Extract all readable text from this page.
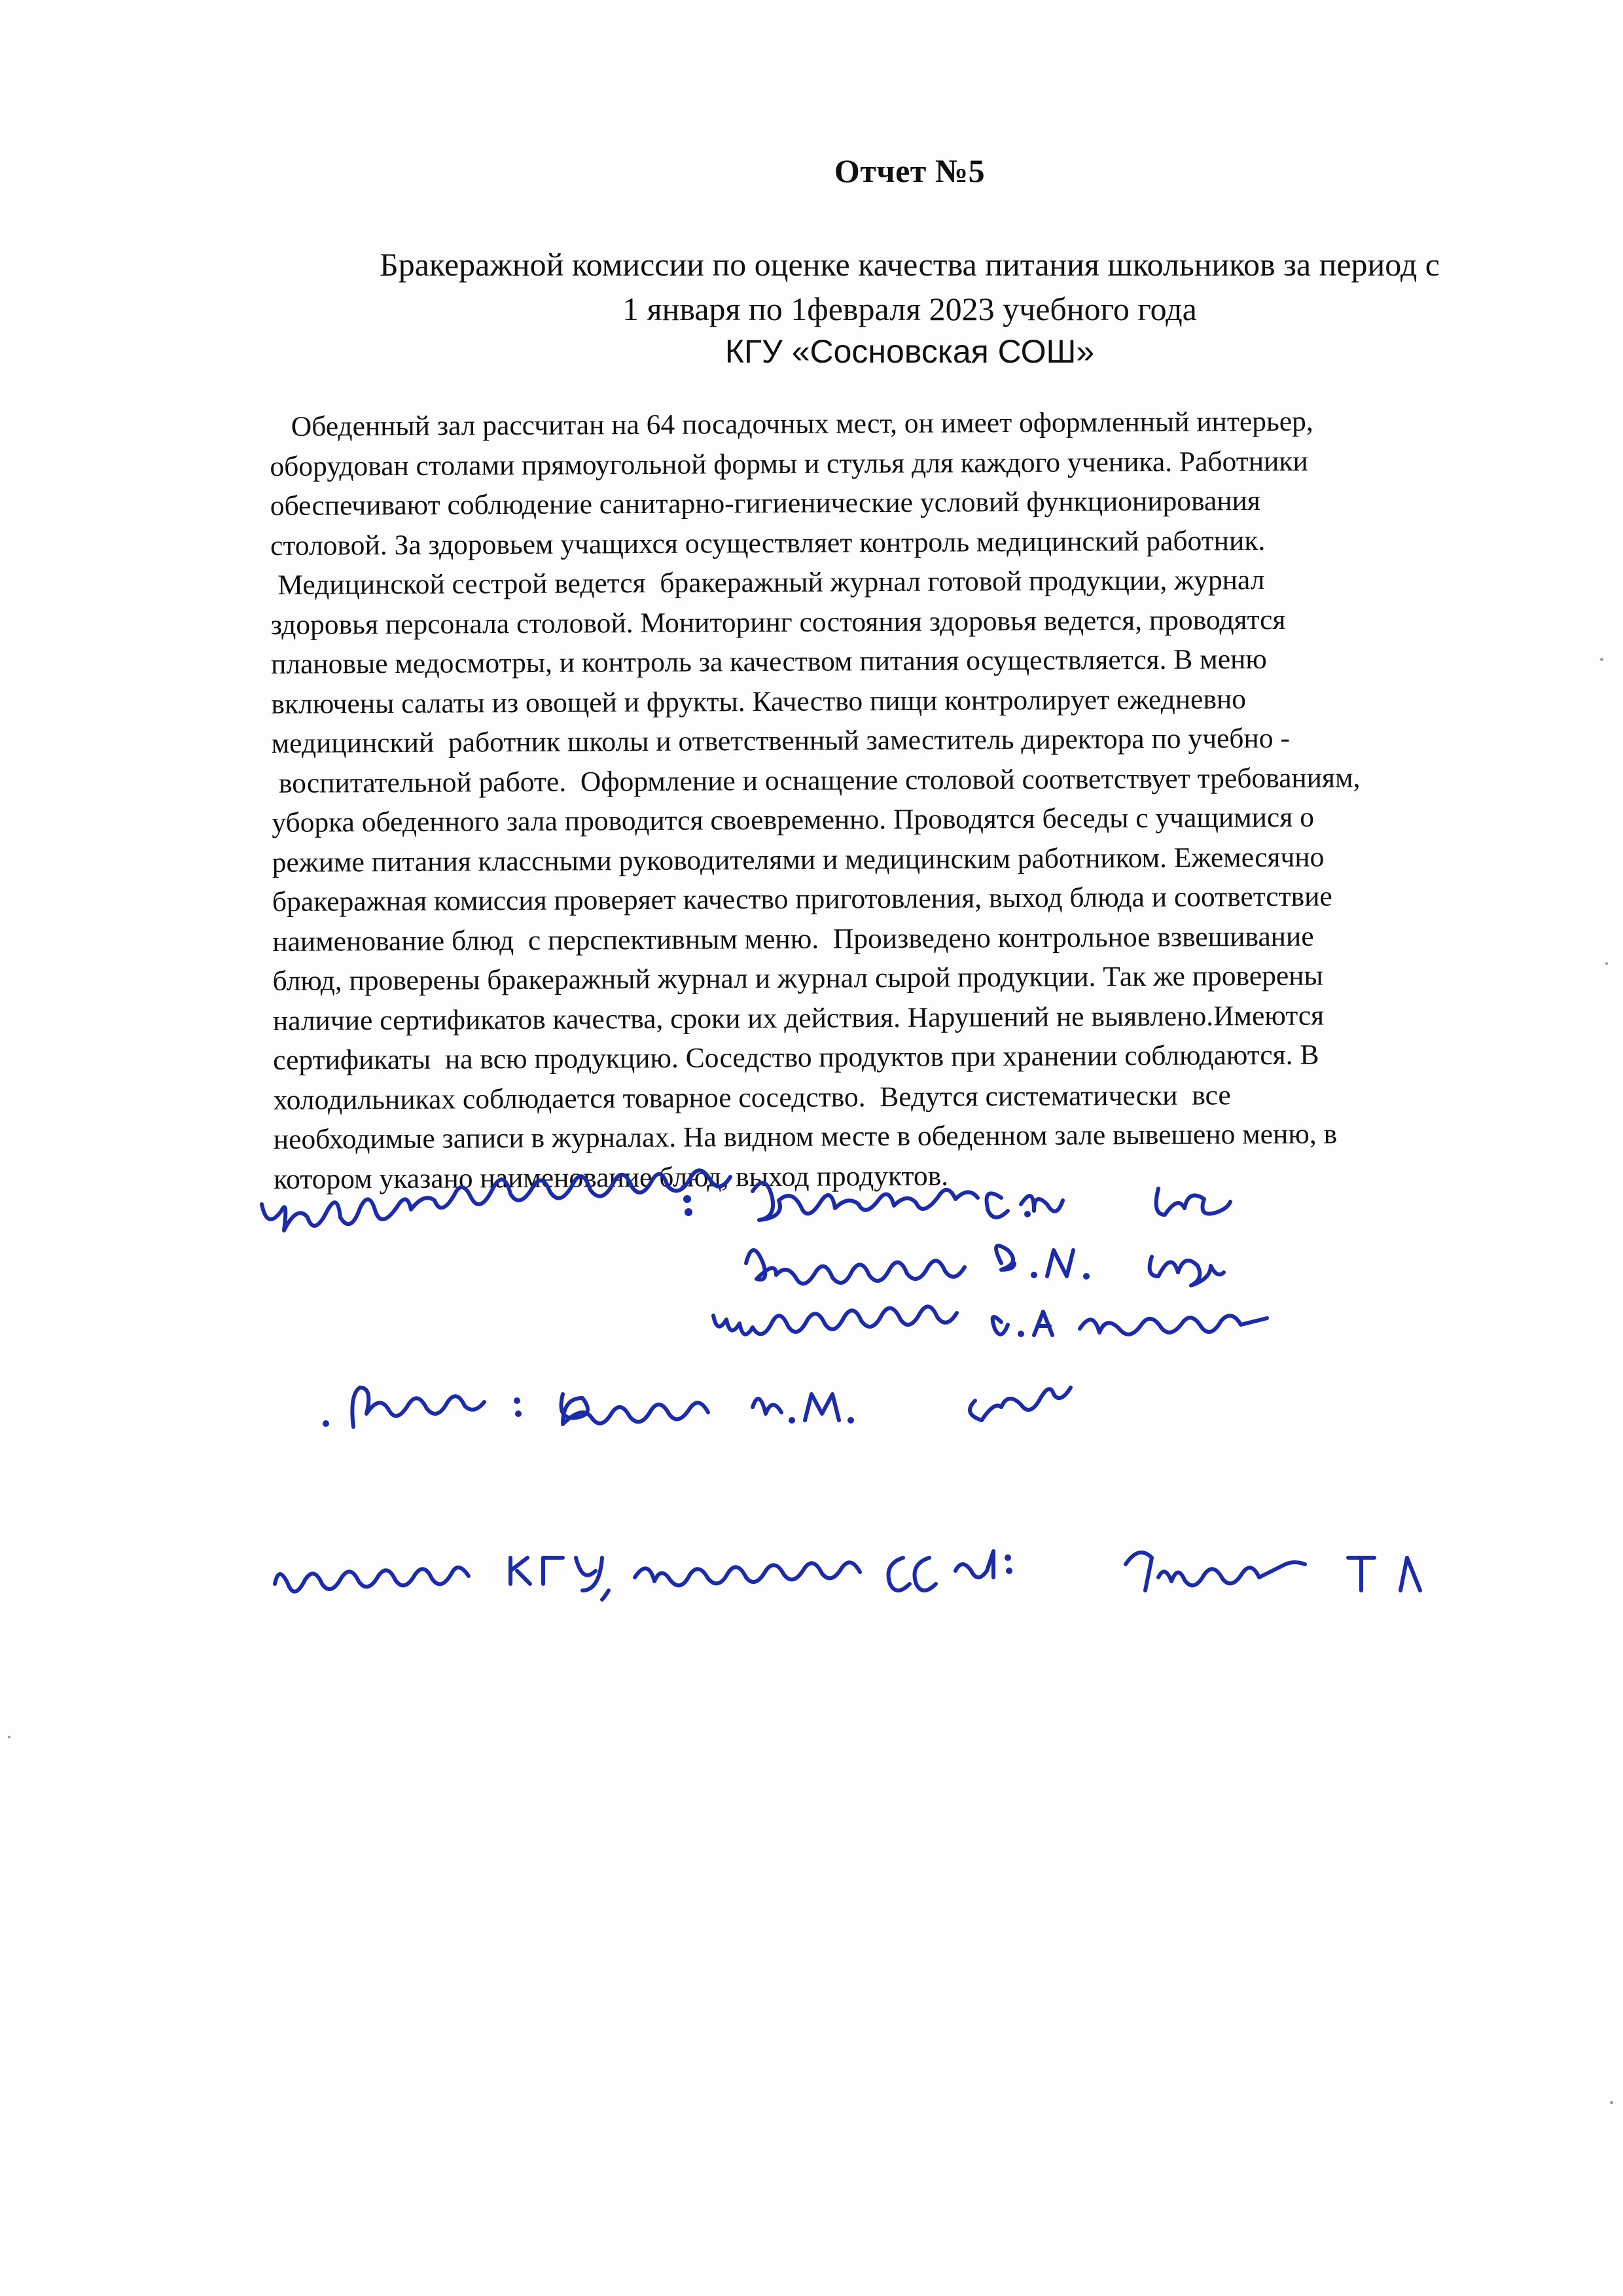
Отчет №5
Бракеражной комиссии по оценке качества питания школьников за период с
1 января по 1февраля 2023 учебного года
КГУ «Сосновская СОШ»
Обеденный зал рассчитан на 64 посадочных мест, он имеет оформленный интерьер,
оборудован столами прямоугольной формы и стулья для каждого ученика. Работники
обеспечивают соблюдение санитарно-гигиенические условий функционирования
столовой. За здоровьем учащихся осуществляет контроль медицинский работник.
Медицинской сестрой ведется  бракеражный журнал готовой продукции, журнал
здоровья персонала столовой. Мониторинг состояния здоровья ведется, проводятся
плановые медосмотры, и контроль за качеством питания осуществляется. В меню
включены салаты из овощей и фрукты. Качество пищи контролирует ежедневно
медицинский  работник школы и ответственный заместитель директора по учебно -
воспитательной работе.  Оформление и оснащение столовой соответствует требованиям,
уборка обеденного зала проводится своевременно. Проводятся беседы с учащимися о
режиме питания классными руководителями и медицинским работником. Ежемесячно
бракеражная комиссия проверяет качество приготовления, выход блюда и соответствие
наименование блюд  с перспективным меню.  Произведено контрольное взвешивание
блюд, проверены бракеражный журнал и журнал сырой продукции. Так же проверены
наличие сертификатов качества, сроки их действия. Нарушений не выявлено.Имеются
сертификаты  на всю продукцию. Соседство продуктов при хранении соблюдаются. В
холодильниках соблюдается товарное соседство.  Ведутся систематически  все
необходимые записи в журналах. На видном месте в обеденном зале вывешено меню, в
котором указано наименование блюд, выход продуктов.
